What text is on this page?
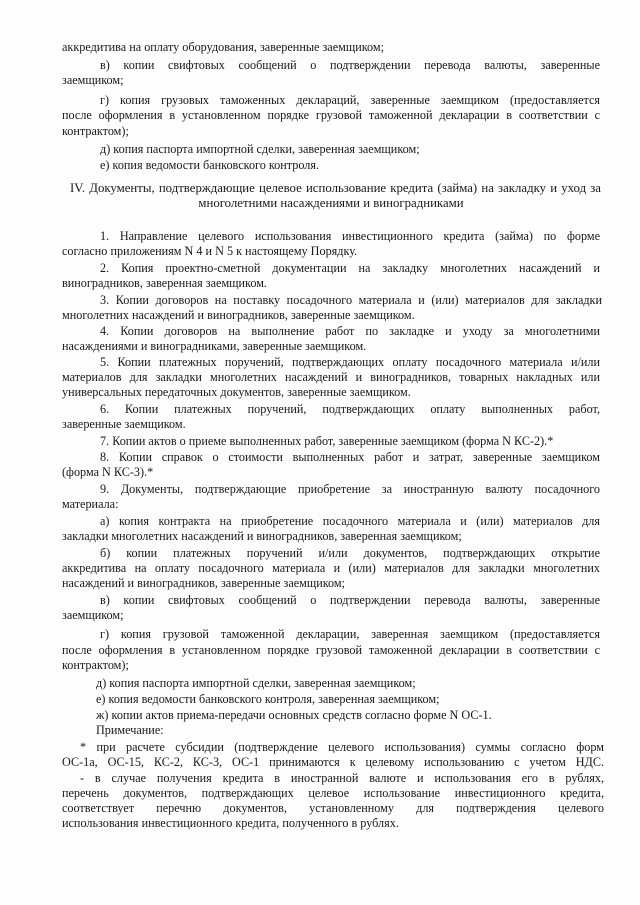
аккредитива на оплату оборудования, заверенные заемщиком;
в) копии свифтовых сообщений о подтверждении перевода валюты, заверенные
заемщиком;
г) копия грузовых таможенных деклараций, заверенные заемщиком (предоставляется
после оформления в установленном порядке грузовой таможенной декларации в соответствии с
контрактом);
д) копия паспорта импортной сделки, заверенная заемщиком;
е) копия ведомости банковского контроля.
IV. Документы, подтверждающие целевое использование кредита (займа) на закладку и уход за
многолетними насаждениями и виноградниками
1. Направление целевого использования инвестиционного кредита (займа) по форме
согласно приложениям N 4 и N 5 к настоящему Порядку.
2. Копия проектно-сметной документации на закладку многолетних насаждений и
виноградников, заверенная заемщиком.
3. Копии договоров на поставку посадочного материала и (или) материалов для закладки
многолетних насаждений и виноградников, заверенные заемщиком.
4. Копии договоров на выполнение работ по закладке и уходу за многолетними
насаждениями и виноградниками, заверенные заемщиком.
5. Копии платежных поручений, подтверждающих оплату посадочного материала и/или
материалов для закладки многолетних насаждений и виноградников, товарных накладных или
универсальных передаточных документов, заверенные заемщиком.
6. Копии платежных поручений, подтверждающих оплату выполненных работ,
заверенные заемщиком.
7. Копии актов о приеме выполненных работ, заверенные заемщиком (форма N КС-2).*
8. Копии справок о стоимости выполненных работ и затрат, заверенные заемщиком
(форма N КС-3).*
9. Документы, подтверждающие приобретение за иностранную валюту посадочного
материала:
а) копия контракта на приобретение посадочного материала и (или) материалов для
закладки многолетних насаждений и виноградников, заверенная заемщиком;
б) копии платежных поручений и/или документов, подтверждающих открытие
аккредитива на оплату посадочного материала и (или) материалов для закладки многолетних
насаждений и виноградников, заверенные заемщиком;
в) копии свифтовых сообщений о подтверждении перевода валюты, заверенные
заемщиком;
г) копия грузовой таможенной декларации, заверенная заемщиком (предоставляется
после оформления в установленном порядке грузовой таможенной декларации в соответствии с
контрактом);
д) копия паспорта импортной сделки, заверенная заемщиком;
е) копия ведомости банковского контроля, заверенная заемщиком;
ж) копии актов приема-передачи основных средств согласно форме N ОС-1.
Примечание:
* при расчете субсидии (подтверждение целевого использования) суммы согласно форм
ОС-1а, ОС-15, КС-2, КС-3, ОС-1 принимаются к целевому использованию с учетом НДС.
- в случае получения кредита в иностранной валюте и использования его в рублях,
перечень документов, подтверждающих целевое использование инвестиционного кредита,
соответствует перечню документов, установленному для подтверждения целевого
использования инвестиционного кредита, полученного в рублях.
